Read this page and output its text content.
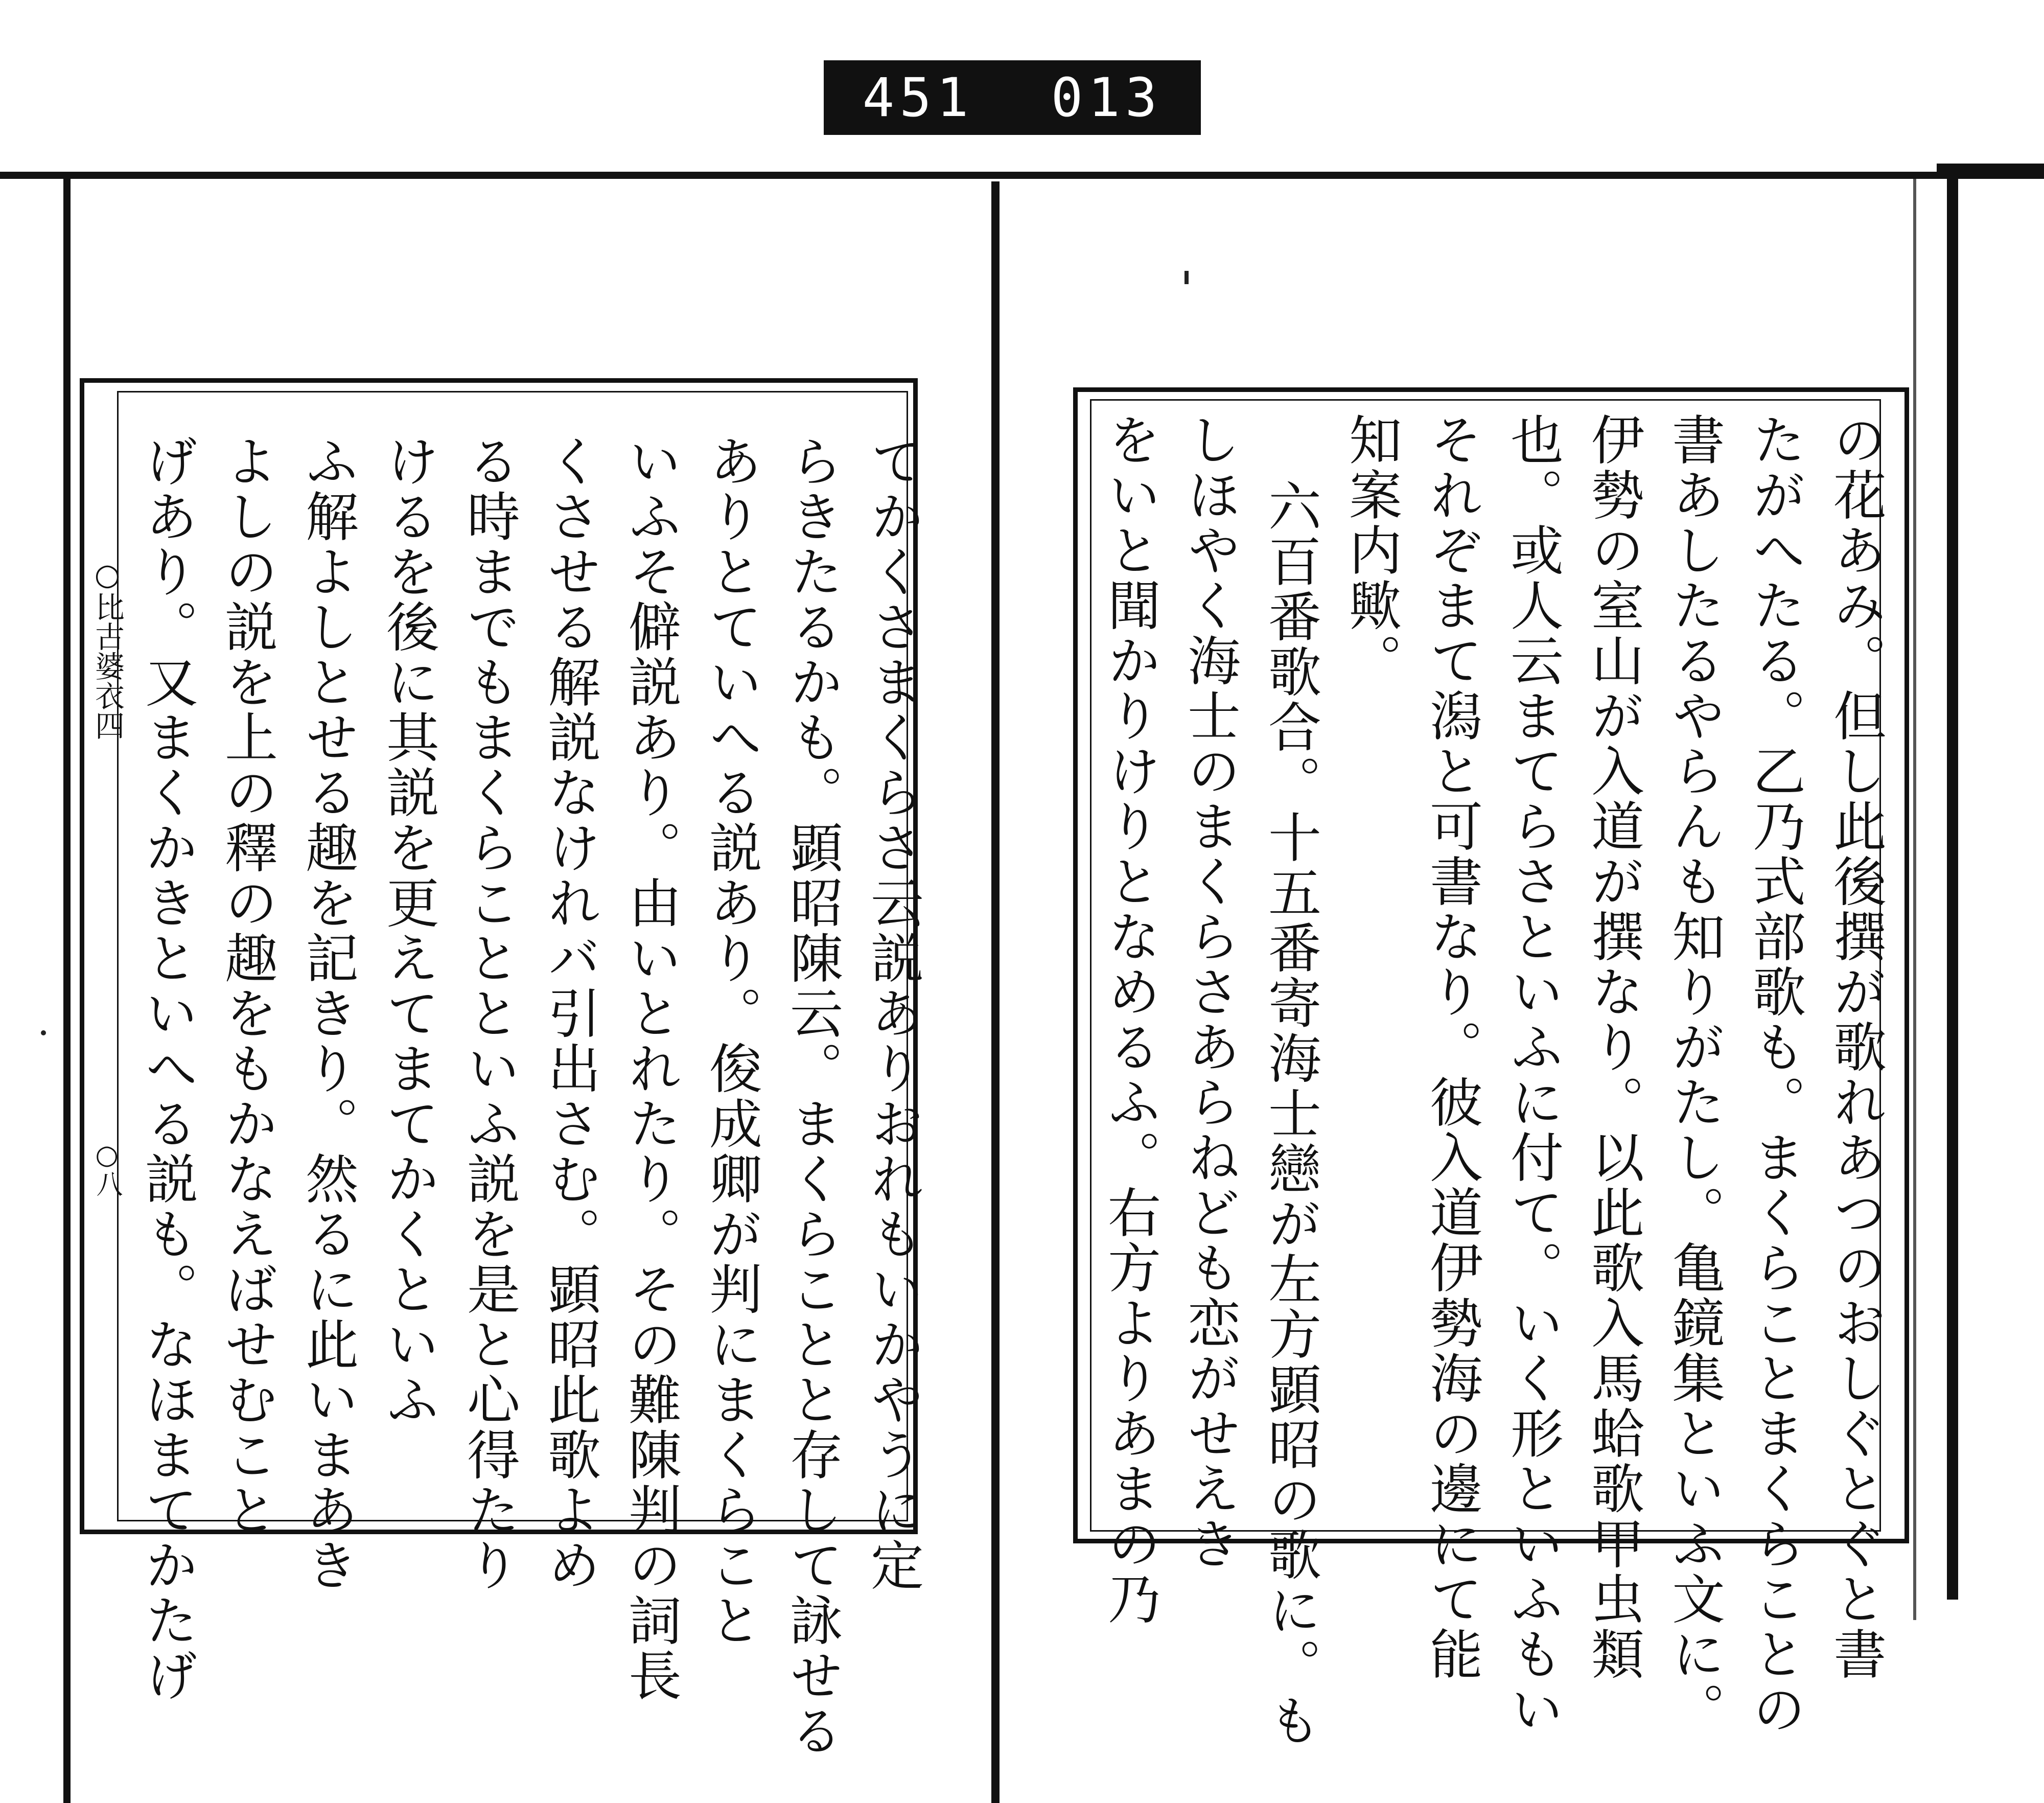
451 013
てかくさまくらさ云説ありおれもいかやうに定
らきたるかも。顕昭陳云。まくらことと存して詠せる
ありとていへる説あり。俊成卿が判にまくらこと
いふそ僻説あり。由いとれたり。その難陳判の詞長
くさせる解説なけれバ引出さむ。顕昭此歌よめ
る時までもまくらことといふ説を是と心得たり
けるを後に其説を更えてまてかくといふ
ふ解よしとせる趣を記きり。然るに此いまあき
よしの説を上の釋の趣をもかなえばせむこと
げあり。又まくかきといへる説も。なほまてかたげ
○比古婆衣四
○八	の花あみ。但し此後撰が歌れあつのおしぐとぐと書
たがへたる。乙乃式部歌も。まくらことまくらことの
書あしたるやらんも知りがたし。亀鏡集といふ文に。
伊勢の室山が入道が撰なり。以此歌入馬蛤歌甲虫類
也。或人云まてらさといふに付て。いく形といふもい
それぞまて潟と可書なり。彼入道伊勢海の邊にて能
知案内歟。
六百番歌合。十五番寄海士戀が左方顕昭の歌に。も
しほやく海士のまくらさあらねども恋がせえき
をいと聞かりけりとなめるふ。右方よりあまの乃
